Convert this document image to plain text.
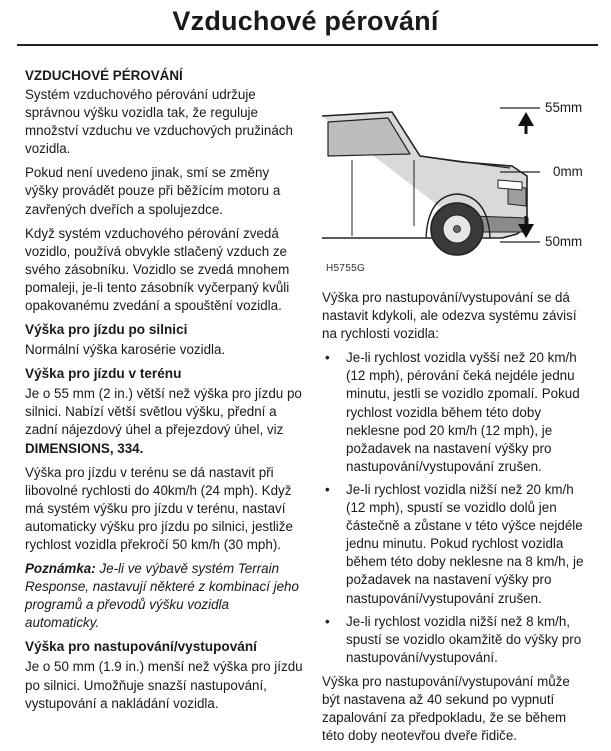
Vzduchové pérování
VZDUCHOVÉ PÉROVÁNÍ

Systém vzduchového pérování udržuje správnou výšku vozidla tak, že reguluje množství vzduchu ve vzduchových pružinách vozidla.

Pokud není uvedeno jinak, smí se změny výšky provádět pouze při běžícím motoru a zavřených dveřích a spolujezdce.

Když systém vzduchového pérování zvedá vozidlo, používá obvykle stlačený vzduch ze svého zásobníku. Vozidlo se zvedá mnohem pomaleji, je-li tento zásobník vyčerpaný kvůli opakovanému zvedání a spouštění vozidla.

Výška pro jízdu po silnici

Normální výška karosérie vozidla.

Výška pro jízdu v terénu

Je o 55 mm (2 in.) větší než výška pro jízdu po silnici. Nabízí větší světlou výšku, přední a zadní nájezdový úhel a přejezdový úhel, viz DIMENSIONS, 334.

Výška pro jízdu v terénu se dá nastavit při libovolné rychlosti do 40km/h (24 mph). Když má systém výšku pro jízdu v terénu, nastaví automaticky výšku pro jízdu po silnici, jestliže rychlost vozidla překročí 50 km/h (30 mph).

Poznámka: Je-li ve výbavě systém Terrain Response, nastavují některé z kombinací jeho programů a převodů výšku vozidla automaticky.

Výška pro nastupování/vystupování

Je o 50 mm (1.9 in.) menší než výška pro jízdu po silnici. Umožňuje snazší nastupování, vystupování a nakládání vozidla.

55mm
0mm
50mm
H5755G

Výška pro nastupování/vystupování se dá nastavit kdykoli, ale odezva systému závisí na rychlosti vozidla:

• Je-li rychlost vozidla vyšší než 20 km/h (12 mph), pérování čeká nejdéle jednu minutu, jestli se vozidlo zpomalí. Pokud rychlost vozidla během této doby neklesne pod 20 km/h (12 mph), je požadavek na nastavení výšky pro nastupování/vystupování zrušen.
• Je-li rychlost vozidla nižší než 20 km/h (12 mph), spustí se vozidlo dolů jen částečně a zůstane v této výšce nejdéle jednu minutu. Pokud rychlost vozidla během této doby neklesne na 8 km/h, je požadavek na nastavení výšky pro nastupování/vystupování zrušen.
• Je-li rychlost vozidla nižší než 8 km/h, spustí se vozidlo okamžitě do výšky pro nastupování/vystupování.

Výška pro nastupování/vystupování může být nastavena až 40 sekund po vypnutí zapalování za předpokladu, že se během této doby neotevřou dveře řidiče.
